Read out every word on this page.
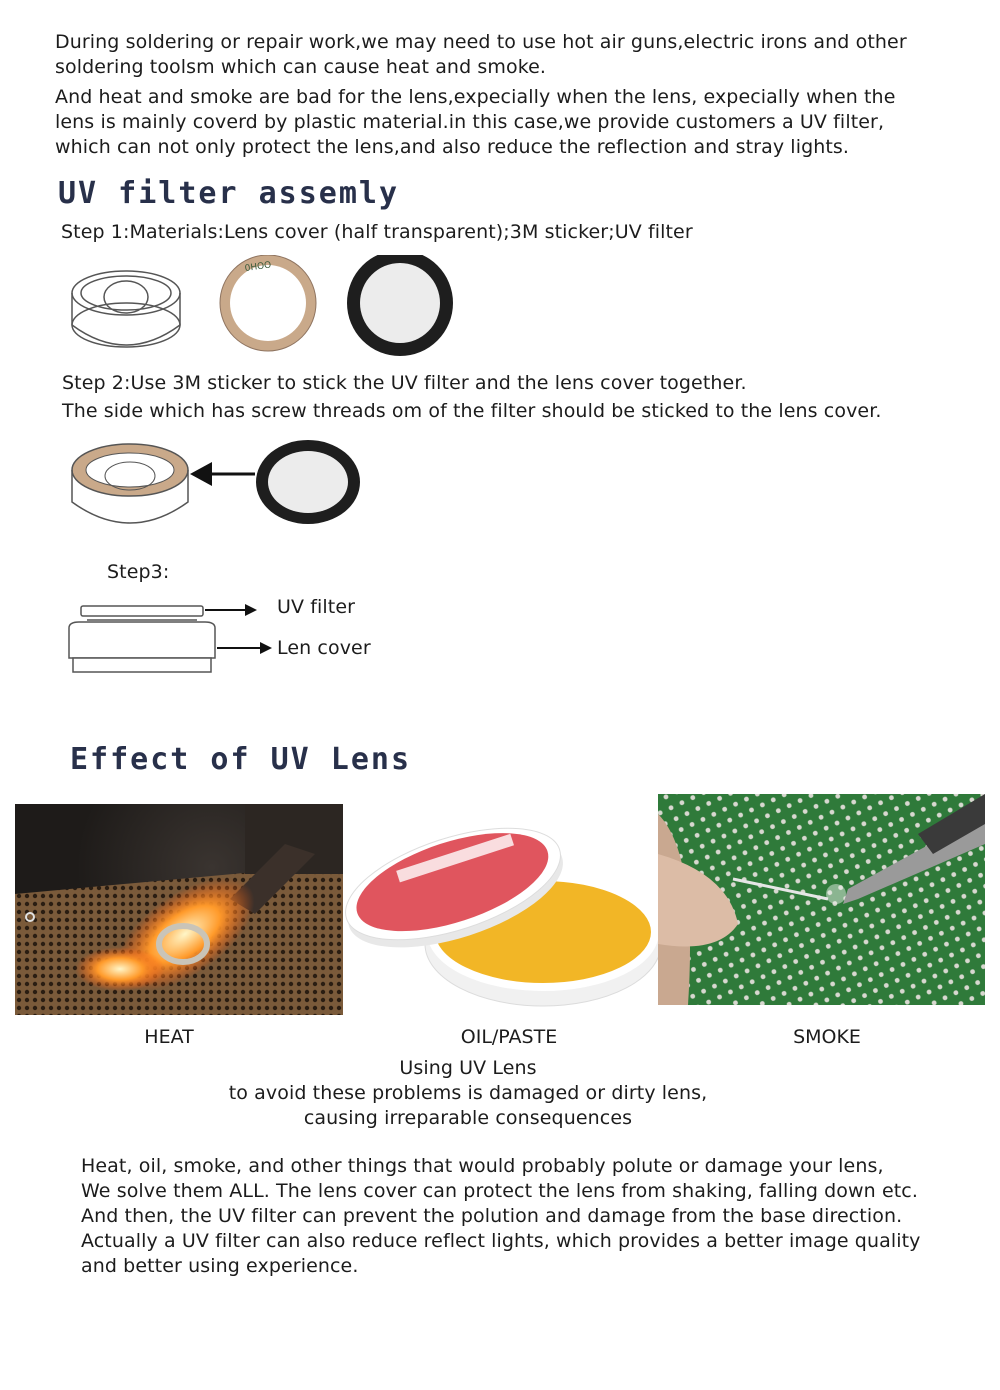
During soldering or repair work,we may need to use hot air guns,electric irons and other
soldering toolsm which can cause heat and smoke.
And heat and smoke are bad for the lens,expecially when the lens, expecially when the
lens is mainly coverd by plastic material.in this case,we provide customers a UV filter,
which can not only protect the lens,and also reduce the reflection and stray lights.
UV filter assemly
Step 1:Materials:Lens cover (half transparent);3M sticker;UV filter
0HOO
Step 2:Use 3M sticker to stick the UV filter and the lens cover together.
The side which has screw threads om of the filter should be sticked to the lens cover.
Step3:
UV filter
Len cover
Effect of UV Lens
HEAT	OIL/PASTE	SMOKE
Using UV Lens
to avoid these problems is damaged or dirty lens,
causing irreparable consequences
Heat, oil, smoke, and other things that would probably polute or damage your lens,
We solve them ALL. The lens cover can protect the lens from shaking, falling down etc.
And then, the UV filter can prevent the polution and damage from the base direction.
Actually a UV filter can also reduce reflect lights, which provides a better image quality
and better using experience.
